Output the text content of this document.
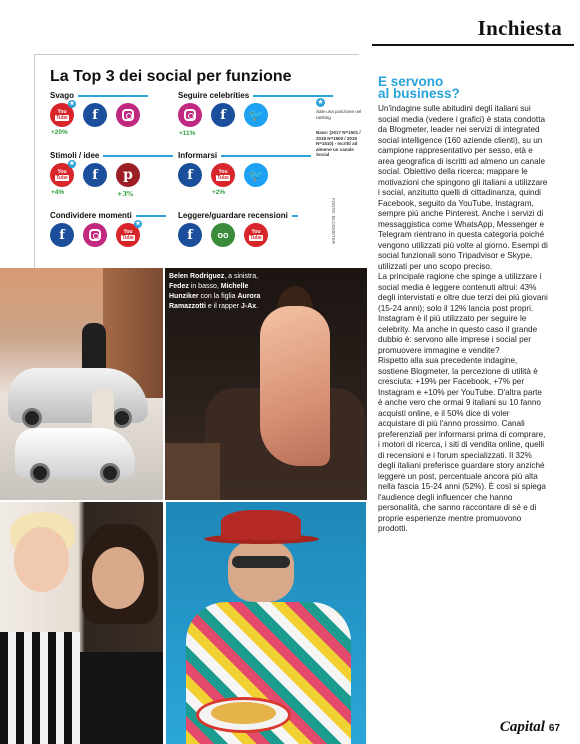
Inchiesta
La Top 3 dei social per funzione
Svago
You
Tube
★
+20%
f
Seguire celebrities
+11%
f	🐦
Stimoli / idee
You
Tube
★
+4%
f	p
+3%
Informarsi
f	You
Tube
+2%
🐦
Condividere momenti
f	You
Tube
★
Leggere/guardare recensioni
f	oo	You
Tube
★
Sale una posizione nel ranking
Base: (2017 N=1501 / 2018 N=1500 / 2019 N=1510) - Iscritti ad almeno un canale Social
FONTE: BLOGMETER
Belen Rodriguez, a sinistra, Fedez in basso, Michelle Hunziker con la figlia Aurora Ramazzotti e il rapper J-Ax.
E servono
al business?

Un'indagine sulle abitudini degli italiani sui social media (vedere i grafici) è stata condotta da Blogmeter, leader nei servizi di integrated social intelligence (160 aziende clienti), su un campione rappresentativo per sesso, età e area geografica di iscritti ad almeno un canale social. Obiettivo della ricerca: mappare le motivazioni che spingono gli italiani a utilizzare i social, anzitutto quelli di cittadinanza, quindi Facebook, seguito da YouTube, Instagram, sempre più anche Pinterest. Anche i servizi di messaggistica come WhatsApp, Messenger e Telegram rientrano in questa categoria poiché vengono utilizzati più volte al giorno. Esempi di social funzionali sono Tripadvisor e Skype, utilizzati per uno scopo preciso.

La principale ragione che spinge a utilizzare i social media è leggere contenuti altrui: 43% degli intervistati e oltre due terzi dei più giovani (15-24 anni); solo il 12% lancia post propri. Instagram è il più utilizzato per seguire le celebrity. Ma anche in questo caso il grande dubbio è: servono alle imprese i social per promuovere immagine e vendite?

Rispetto alla sua precedente indagine, sostiene Blogmeter, la percezione di utilità è cresciuta: +19% per Facebook, +7% per Instagram e +10% per YouTube. D'altra parte è anche vero che ormai 9 italiani su 10 fanno acquisti online, e il 50% dice di voler acquistare di più l'anno prossimo. Canali preferenziali per informarsi prima di comprare, i motori di ricerca, i siti di vendita online, quelli di recensioni e i forum specializzati. Il 32% degli italiani preferisce guardare story anziché leggere un post, percentuale ancora più alta nella fascia 15-24 anni (52%). È così si spiega l'audience degli influencer che hanno personalità, che sanno raccontare di sé e di proprie esperienze mentre promuovono prodotti.

Capital 67
